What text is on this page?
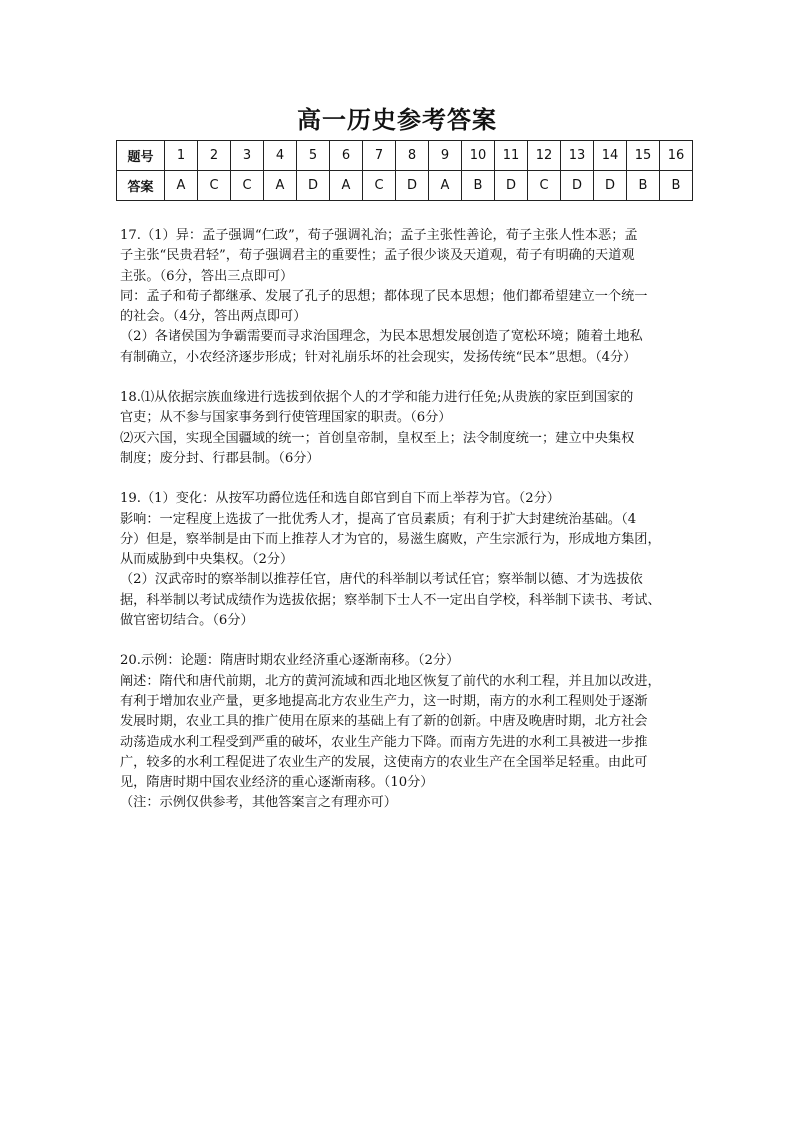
高一历史参考答案
题号	1	2	3	4	5	6	7	8	9	10	11	12	13	14	15	16
答案	A	C	C	A	D	A	C	D	A	B	D	C	D	D	B	B

17.（1）异：孟子强调“仁政”，荀子强调礼治；孟子主张性善论，荀子主张人性本恶；孟

子主张“民贵君轻”，荀子强调君主的重要性；孟子很少谈及天道观，荀子有明确的天道观

主张。（6分，答出三点即可）

同：孟子和荀子都继承、发展了孔子的思想；都体现了民本思想；他们都希望建立一个统一

的社会。（4分，答出两点即可）

（2）各诸侯国为争霸需要而寻求治国理念，为民本思想发展创造了宽松环境；随着土地私

有制确立，小农经济逐步形成；针对礼崩乐坏的社会现实，发扬传统“民本”思想。（4分）

18.⑴从依据宗族血缘进行选拔到依据个人的才学和能力进行任免;从贵族的家臣到国家的

官吏；从不参与国家事务到行使管理国家的职责。（6分）

⑵灭六国，实现全国疆域的统一；首创皇帝制，皇权至上；法令制度统一；建立中央集权

制度；废分封、行郡县制。（6分）

19.（1）变化：从按军功爵位选任和选自郎官到自下而上举荐为官。（2分）

影响：一定程度上选拔了一批优秀人才，提高了官员素质；有利于扩大封建统治基础。（4

分）但是，察举制是由下而上推荐人才为官的，易滋生腐败，产生宗派行为，形成地方集团，

从而威胁到中央集权。（2分）

（2）汉武帝时的察举制以推荐任官，唐代的科举制以考试任官；察举制以德、才为选拔依

据，科举制以考试成绩作为选拔依据；察举制下士人不一定出自学校，科举制下读书、考试、

做官密切结合。（6分）

20.示例：论题：隋唐时期农业经济重心逐渐南移。（2分）

阐述：隋代和唐代前期，北方的黄河流域和西北地区恢复了前代的水利工程，并且加以改进，

有利于增加农业产量，更多地提高北方农业生产力，这一时期，南方的水利工程则处于逐渐

发展时期，农业工具的推广使用在原来的基础上有了新的创新。中唐及晚唐时期，北方社会

动荡造成水利工程受到严重的破坏，农业生产能力下降。而南方先进的水利工具被进一步推

广，较多的水利工程促进了农业生产的发展，这使南方的农业生产在全国举足轻重。由此可

见，隋唐时期中国农业经济的重心逐渐南移。（10分）

（注：示例仅供参考，其他答案言之有理亦可）
